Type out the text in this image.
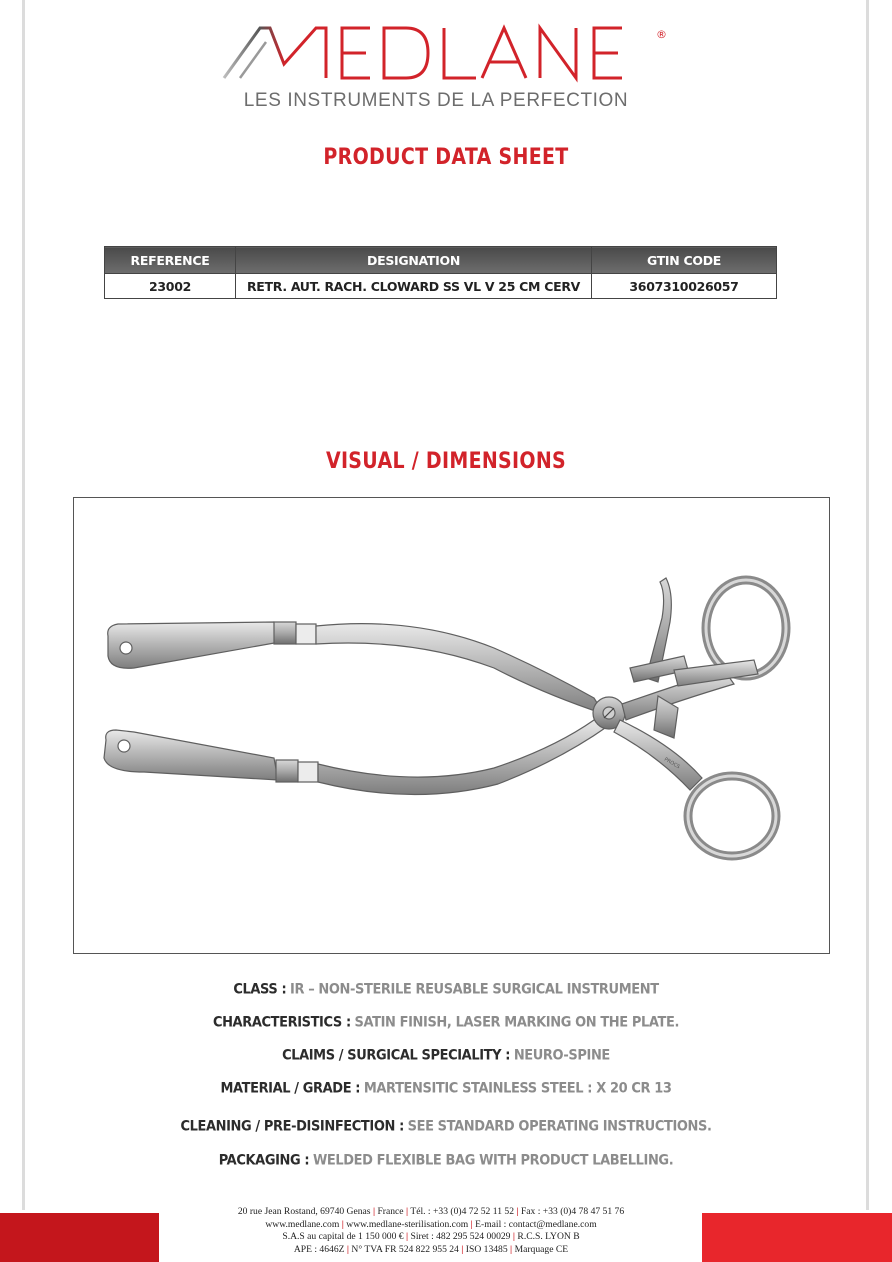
®
MEDLANE
LES INSTRUMENTS DE LA PERFECTION
PRODUCT DATA SHEET
REFERENCE	DESIGNATION	GTIN CODE
23002	RETR. AUT. RACH. CLOWARD SS VL V 25 CM CERV	3607310026057
VISUAL / DIMENSIONS
PROCS
CLASS : IR – NON-STERILE REUSABLE SURGICAL INSTRUMENT
CHARACTERISTICS : SATIN FINISH, LASER MARKING ON THE PLATE.
CLAIMS / SURGICAL SPECIALITY : NEURO-SPINE
MATERIAL / GRADE : MARTENSITIC STAINLESS STEEL : X 20 CR 13
CLEANING / PRE-DISINFECTION : SEE STANDARD OPERATING INSTRUCTIONS.
PACKAGING : WELDED FLEXIBLE BAG WITH PRODUCT LABELLING.
20 rue Jean Rostand, 69740 Genas | France | Tél. : +33 (0)4 72 52 11 52 | Fax : +33 (0)4 78 47 51 76
www.medlane.com | www.medlane-sterilisation.com | E-mail : contact@medlane.com
S.A.S au capital de 1 150 000 € | Siret : 482 295 524 00029 | R.C.S. LYON B
APE : 4646Z | N° TVA FR 524 822 955 24 | ISO 13485 | Marquage CE
